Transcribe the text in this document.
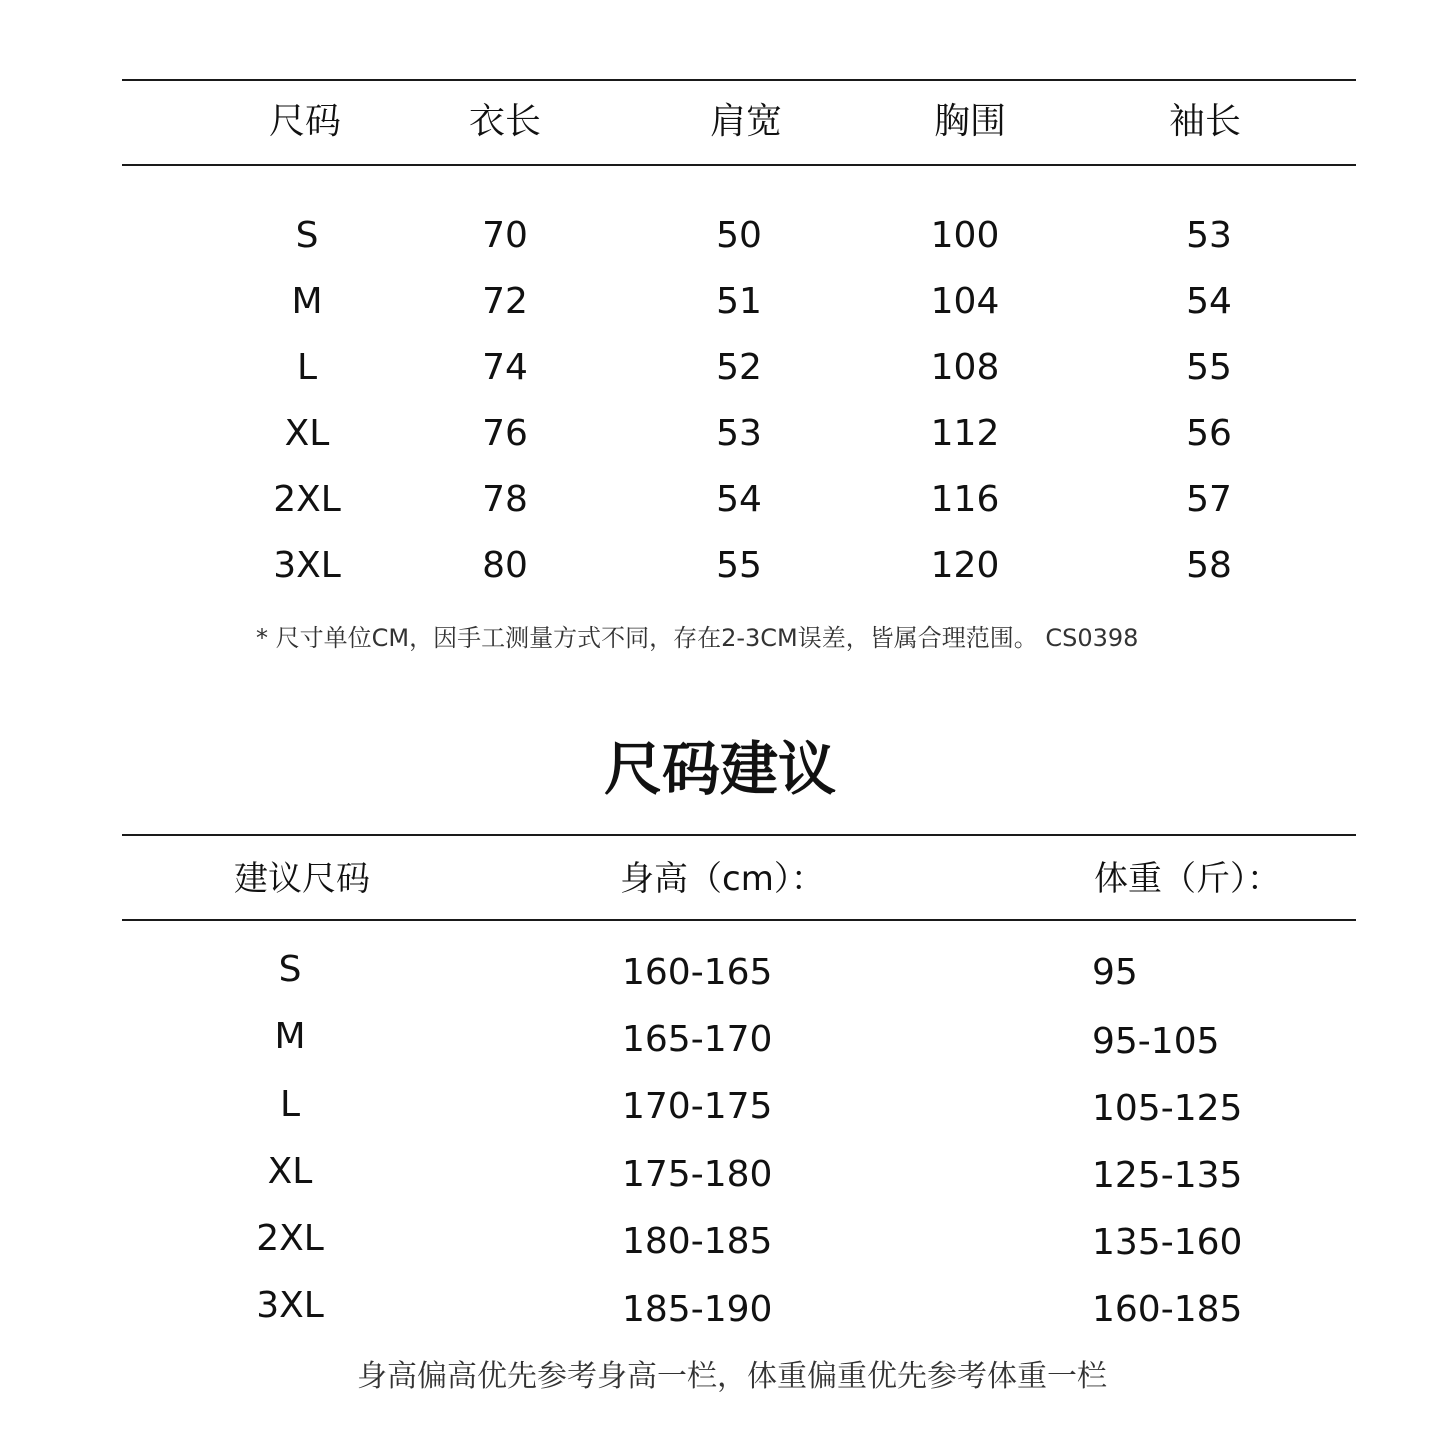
尺码	衣长	肩宽	胸围	袖长
S	70	50	100	53
M	72	51	104	54
L	74	52	108	55
XL	76	53	112	56
2XL	78	54	116	57
3XL	80	55	120	58
* 尺寸单位CM，因手工测量方式不同，存在2-3CM误差，皆属合理范围。 CS0398
尺码建议
建议尺码	身高（cm）：	体重（斤）：
S	160-165	95
M	165-170	95-105
L	170-175	105-125
XL	175-180	125-135
2XL	180-185	135-160
3XL	185-190	160-185
身高偏高优先参考身高一栏，体重偏重优先参考体重一栏
